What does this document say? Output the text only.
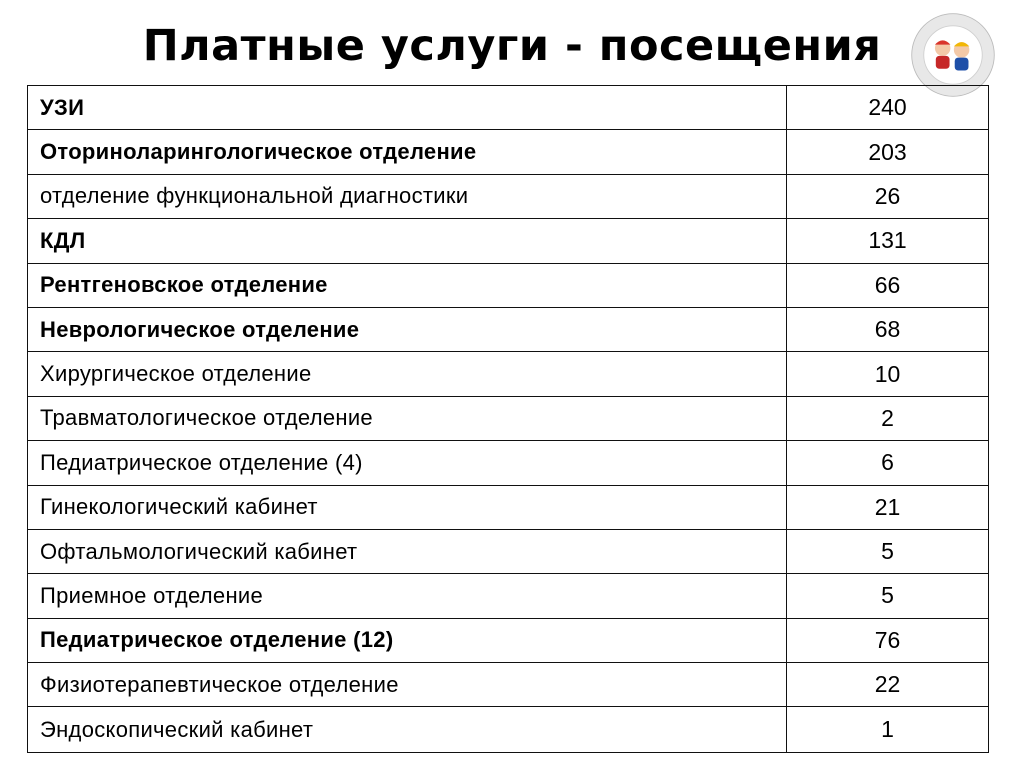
Платные услуги - посещения
УЗИ
Оториноларингологическое отделение
отделение функциональной диагностики
КДЛ
Рентгеновское отделение
Неврологическое отделение
Хирургическое отделение
Травматологическое отделение
Педиатрическое отделение (4)
Гинекологический кабинет
Офтальмологический кабинет
Приемное отделение
Педиатрическое отделение (12)
Физиотерапевтическое отделение
Эндоскопический кабинет
240
203
26
131
66
68
10
2
6
21
5
5
76
22
1
